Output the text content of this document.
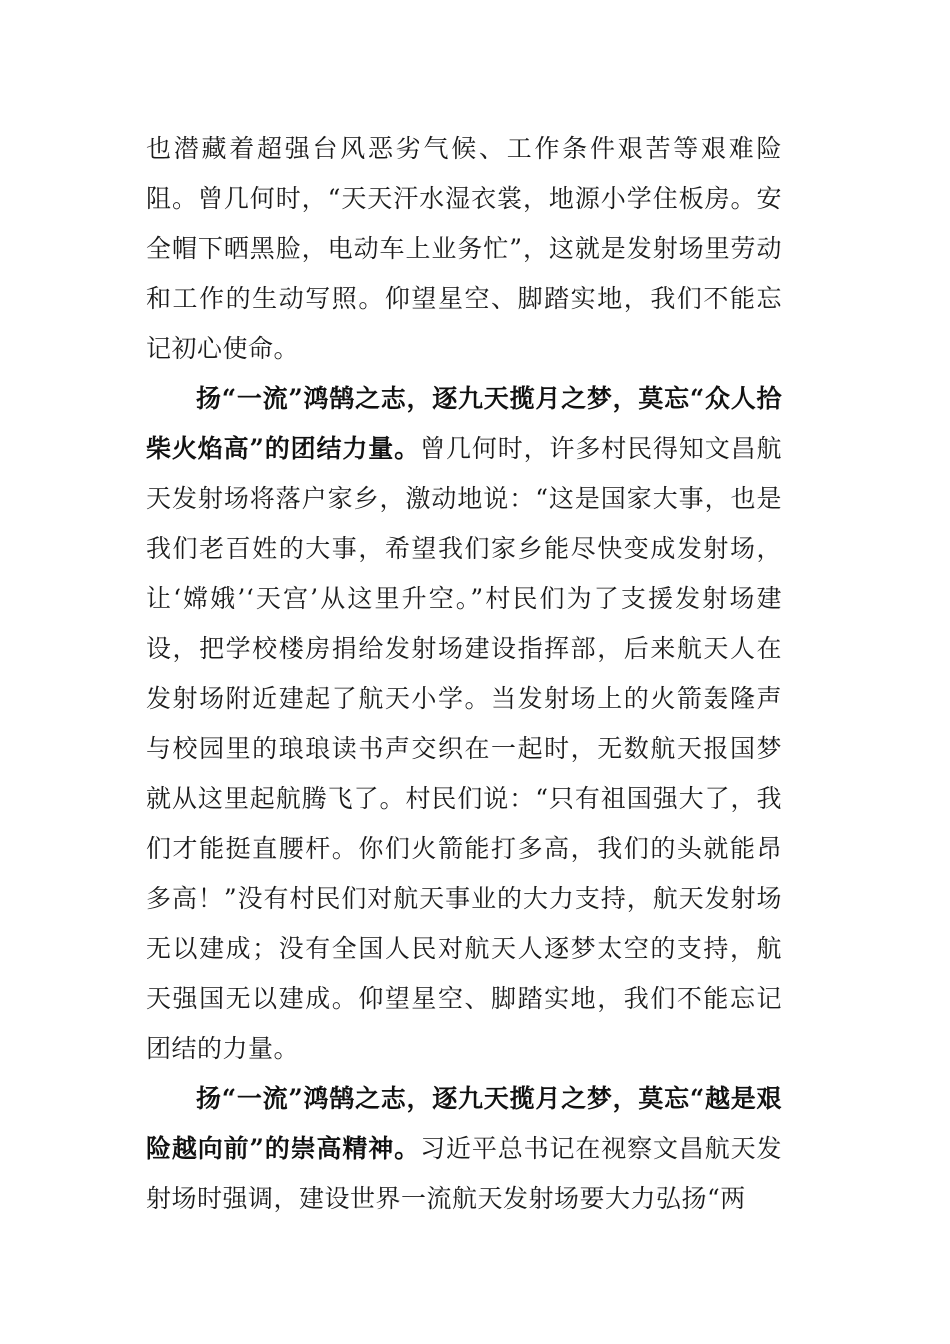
也潜藏着超强台风恶劣气候、工作条件艰苦等艰难险阻。曾几何时，“天天汗水湿衣裳，地源小学住板房。安全帽下晒黑脸，电动车上业务忙”，这就是发射场里劳动和工作的生动写照。仰望星空、脚踏实地，我们不能忘记初心使命。

扬“一流”鸿鹄之志，逐九天揽月之梦，莫忘“众人拾柴火焰高”的团结力量。曾几何时，许多村民得知文昌航天发射场将落户家乡，激动地说：“这是国家大事，也是我们老百姓的大事，希望我们家乡能尽快变成发射场，让‘嫦娥’‘天宫’从这里升空。”村民们为了支援发射场建设，把学校楼房捐给发射场建设指挥部，后来航天人在发射场附近建起了航天小学。当发射场上的火箭轰隆声与校园里的琅琅读书声交织在一起时，无数航天报国梦就从这里起航腾飞了。村民们说：“只有祖国强大了，我们才能挺直腰杆。你们火箭能打多高，我们的头就能昂多高！”没有村民们对航天事业的大力支持，航天发射场无以建成；没有全国人民对航天人逐梦太空的支持，航天强国无以建成。仰望星空、脚踏实地，我们不能忘记团结的力量。

扬“一流”鸿鹄之志，逐九天揽月之梦，莫忘“越是艰险越向前”的崇高精神。习近平总书记在视察文昌航天发射场时强调，建设世界一流航天发射场要大力弘扬“两
